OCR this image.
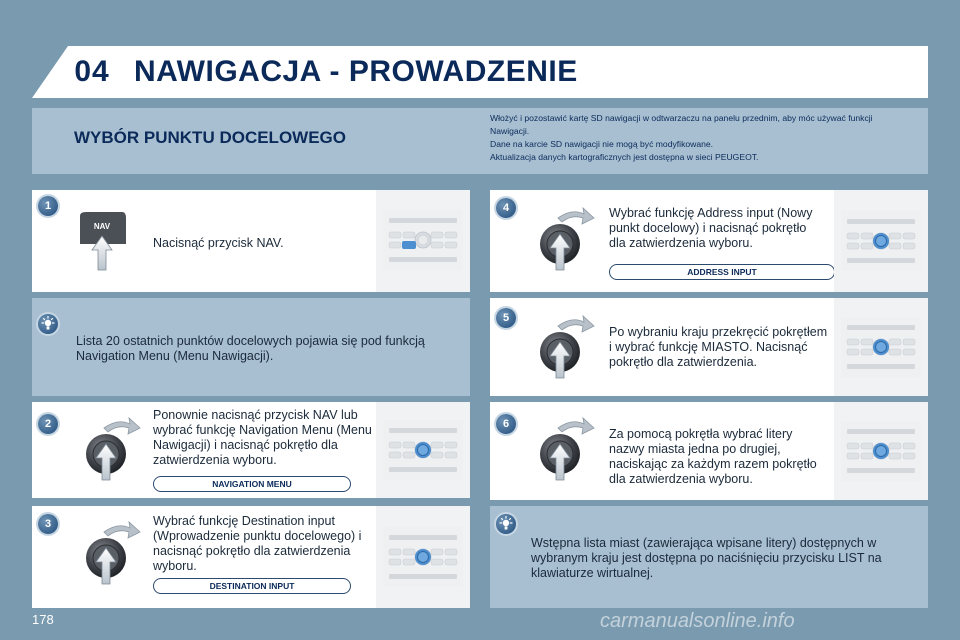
04 NAWIGACJA - PROWADZENIE
WYBÓR PUNKTU DOCELOWEGO
Włożyć i pozostawić kartę SD nawigacji w odtwarzaczu na panelu przednim, aby móc używać funkcji
Nawigacji.
Dane na karcie SD nawigacji nie mogą być modyfikowane.
Aktualizacja danych kartograficznych jest dostępna w sieci PEUGEOT.
1
NAV
Nacisnąć przycisk NAV.
Lista 20 ostatnich punktów docelowych pojawia się pod funkcją Navigation Menu (Menu Nawigacji).
2
Ponownie nacisnąć przycisk NAV lub wybrać funkcję Navigation Menu (Menu Nawigacji) i nacisnąć pokrętło dla zatwierdzenia wyboru.
NAVIGATION MENU
3	Wybrać funkcję Destination input (Wprowadzenie punktu docelowego) i nacisnąć pokrętło dla zatwierdzenia wyboru.
DESTINATION INPUT
4	Wybrać funkcję Address input (Nowy punkt docelowy) i nacisnąć pokrętło dla zatwierdzenia wyboru.
ADDRESS INPUT
5
Po wybraniu kraju przekręcić pokrętłem i wybrać funkcję MIASTO. Nacisnąć pokrętło dla zatwierdzenia.
6
Za pomocą pokrętła wybrać litery nazwy miasta jedna po drugiej, naciskając za każdym razem pokrętło dla zatwierdzenia wyboru.
Wstępna lista miast (zawierająca wpisane litery) dostępnych w wybranym kraju jest dostępna po naciśnięciu przycisku LIST na klawiaturze wirtualnej.
178	carmanualsonline.info
